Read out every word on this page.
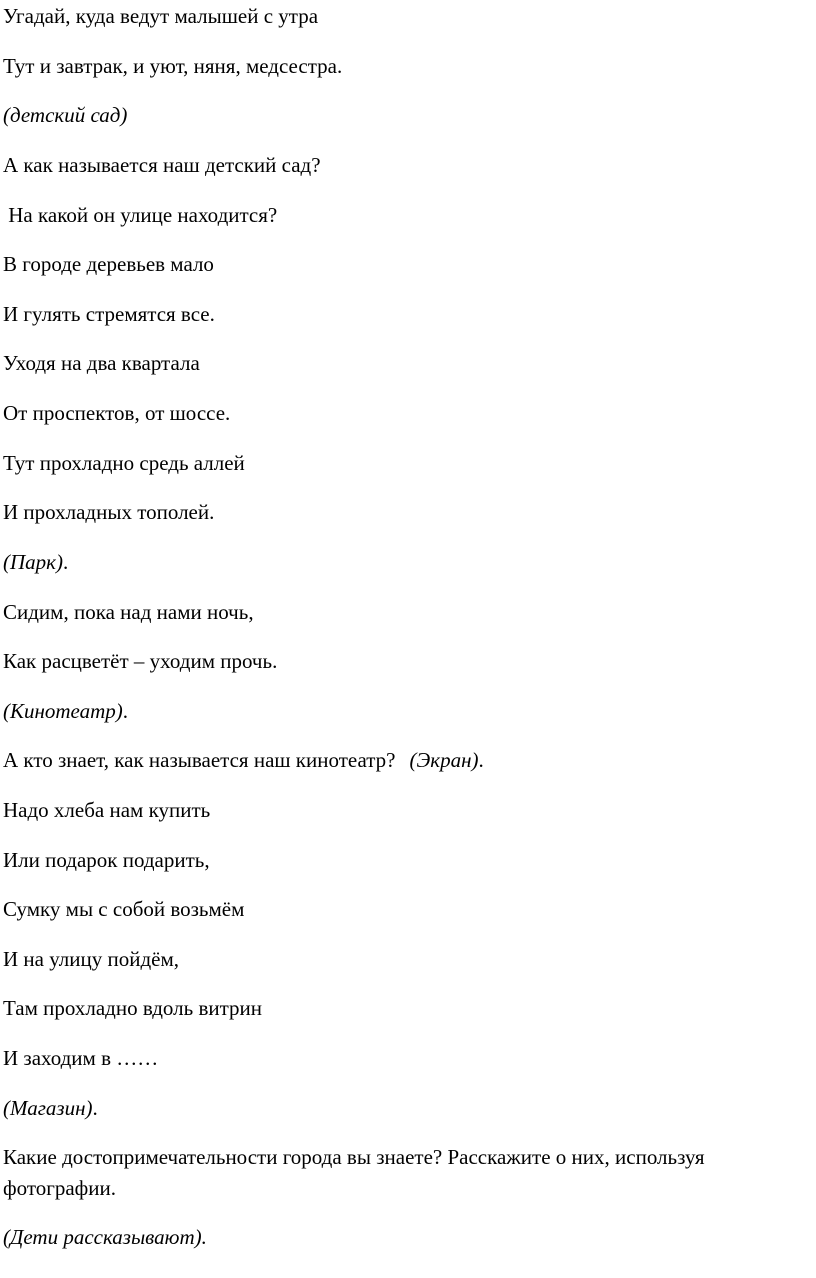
Угадай, куда ведут малышей с утра
Тут и завтрак, и уют, няня, медсестра.
(детский сад)
А как называется наш детский сад?
На какой он улице находится?
В городе деревьев мало
И гулять стремятся все.
Уходя на два квартала
От проспектов, от шоссе.
Тут прохладно средь аллей
И прохладных тополей.
(Парк).
Сидим, пока над нами ночь,
Как расцветёт – уходим прочь.
(Кинотеатр).
А кто знает, как называется наш кинотеатр? (Экран).
Надо хлеба нам купить
Или подарок подарить,
Сумку мы с собой возьмём
И на улицу пойдём,
Там прохладно вдоль витрин
И заходим в ……
(Магазин).
Какие достопримечательности города вы знаете? Расскажите о них, используя фотографии.
(Дети рассказывают).
